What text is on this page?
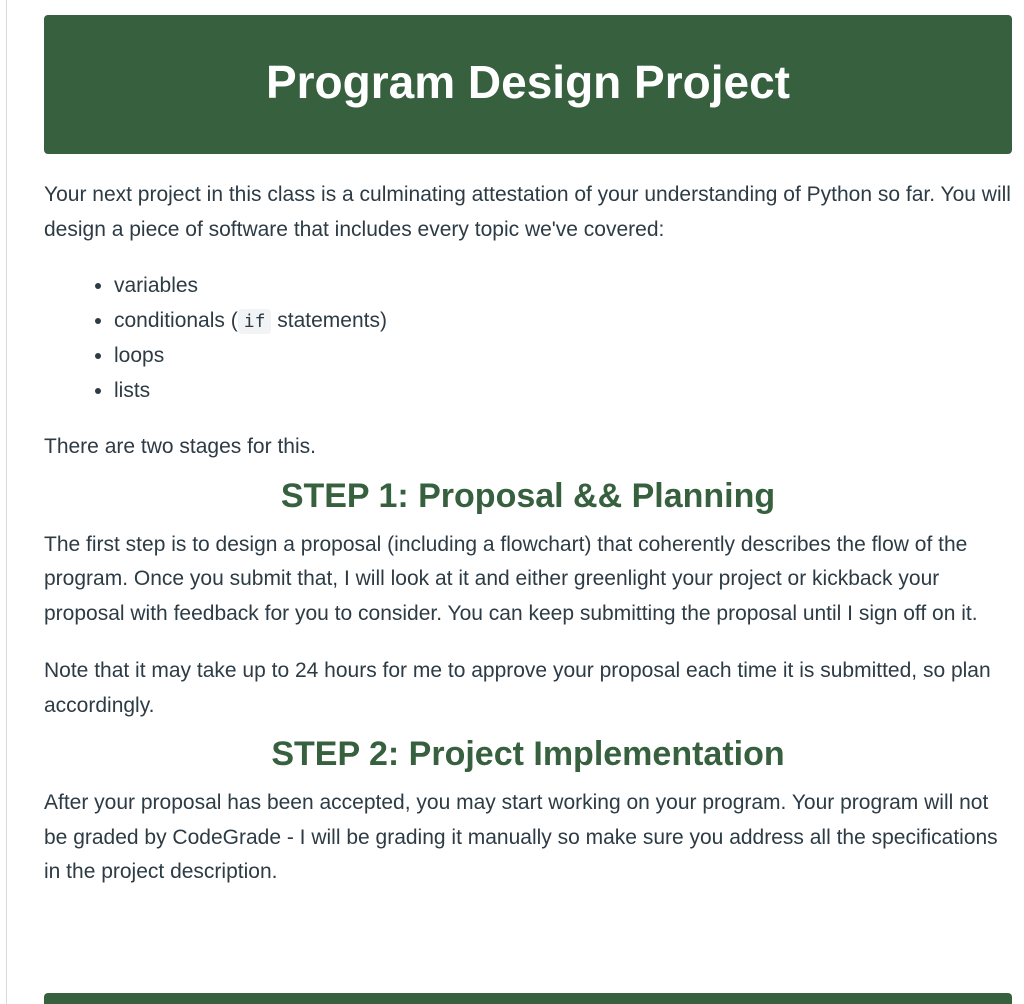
Program Design Project

Your next project in this class is a culminating attestation of your understanding of Python so far. You will design a piece of software that includes every topic we've covered:

• variables
• conditionals ( if statements)
• loops
• lists

There are two stages for this.

STEP 1: Proposal && Planning

The first step is to design a proposal (including a flowchart) that coherently describes the flow of the program. Once you submit that, I will look at it and either greenlight your project or kickback your proposal with feedback for you to consider. You can keep submitting the proposal until I sign off on it.

Note that it may take up to 24 hours for me to approve your proposal each time it is submitted, so plan accordingly.

STEP 2: Project Implementation

After your proposal has been accepted, you may start working on your program. Your program will not be graded by CodeGrade - I will be grading it manually so make sure you address all the specifications in the project description.
